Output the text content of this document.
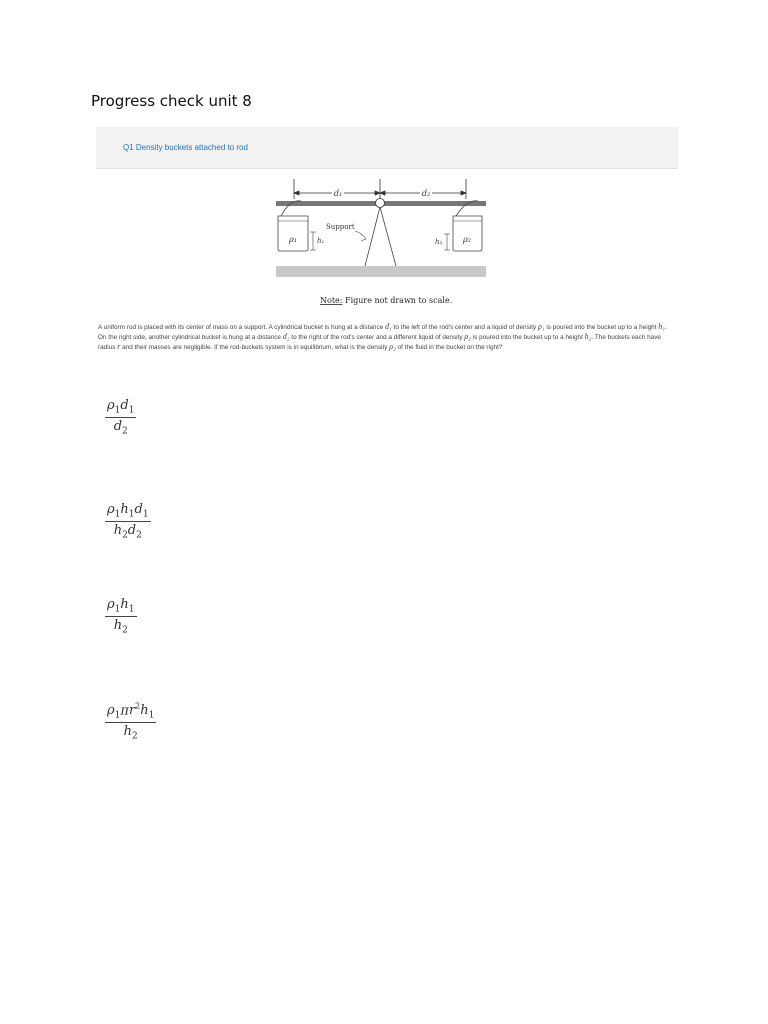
Progress check unit 8
Q1 Density buckets attached to rod
d₁	d₂
Support
ρ₁	h₁	ρ₂
h₂
Note: Figure not drawn to scale.
A uniform rod is placed with its center of mass on a support. A cylindrical bucket is hung at a distance d₁ to the left of the rod's center and a liquid of density ρ₁ is poured into the bucket up to a height h₁. On the right side, another cylindrical bucket is hung at a distance d₂ to the right of the rod's center and a different liquid of density ρ₂ is poured into the bucket up to a height h₂. The buckets each have radius r and their masses are negligible. If the rod-buckets system is in equilibrium, what is the density ρ₂ of the fluid in the bucket on the right?
$\frac{\rho_1d_1}{d_2}$
$\frac{\rho_1h_1d_1}{h_2d_2}$
$\frac{\rho_1h_1}{h_2}$
$\frac{\rho_1\pi r^2h_1}{h_2}$
